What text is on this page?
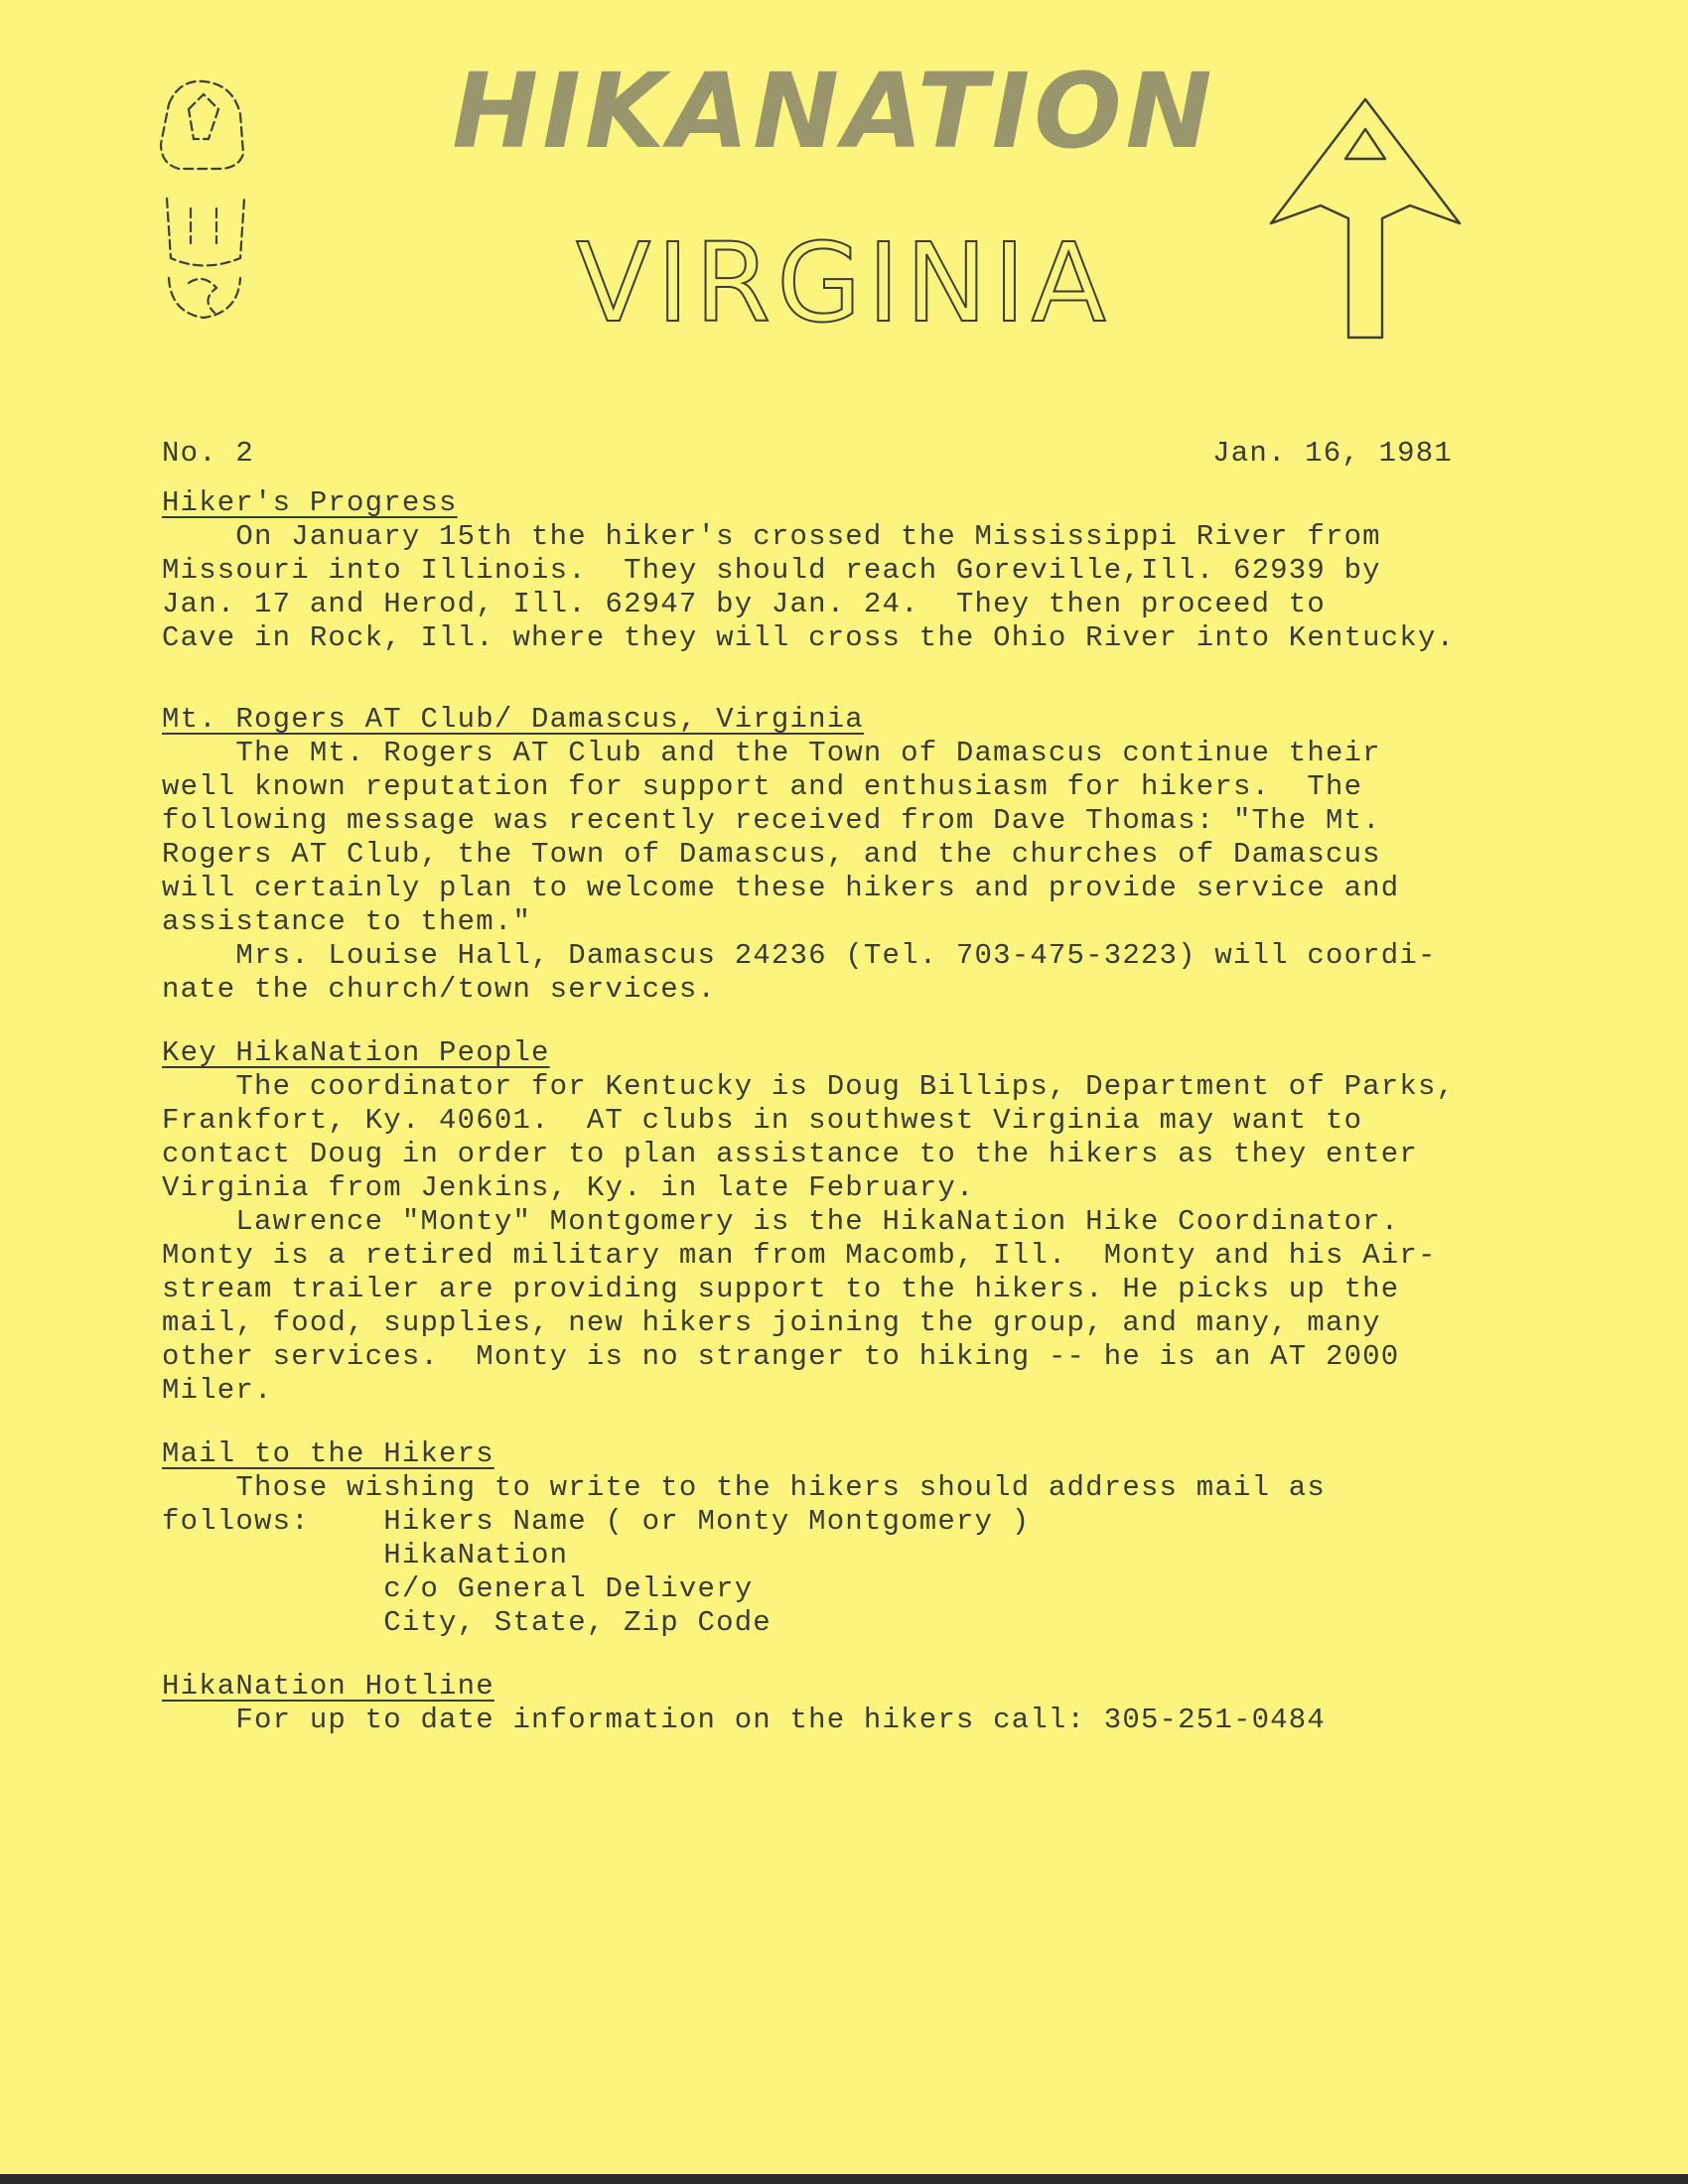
HIKANATION
VIRGINIA
No. 2	Jan. 16, 1981
Hiker's Progress
On January 15th the hiker's crossed the Mississippi River from
Missouri into Illinois.  They should reach Goreville,Ill. 62939 by
Jan. 17 and Herod, Ill. 62947 by Jan. 24.  They then proceed to
Cave in Rock, Ill. where they will cross the Ohio River into Kentucky.
Mt. Rogers AT Club/ Damascus, Virginia
The Mt. Rogers AT Club and the Town of Damascus continue their
well known reputation for support and enthusiasm for hikers.  The
following message was recently received from Dave Thomas: "The Mt.
Rogers AT Club, the Town of Damascus, and the churches of Damascus
will certainly plan to welcome these hikers and provide service and
assistance to them."
Mrs. Louise Hall, Damascus 24236 (Tel. 703-475-3223) will coordi-
nate the church/town services.
Key HikaNation People
The coordinator for Kentucky is Doug Billips, Department of Parks,
Frankfort, Ky. 40601.  AT clubs in southwest Virginia may want to
contact Doug in order to plan assistance to the hikers as they enter
Virginia from Jenkins, Ky. in late February.
Lawrence "Monty" Montgomery is the HikaNation Hike Coordinator.
Monty is a retired military man from Macomb, Ill.  Monty and his Air-
stream trailer are providing support to the hikers. He picks up the
mail, food, supplies, new hikers joining the group, and many, many
other services.  Monty is no stranger to hiking -- he is an AT 2000
Miler.
Mail to the Hikers
Those wishing to write to the hikers should address mail as
follows:    Hikers Name ( or Monty Montgomery )
HikaNation
c/o General Delivery
City, State, Zip Code
HikaNation Hotline
For up to date information on the hikers call: 305-251-0484
